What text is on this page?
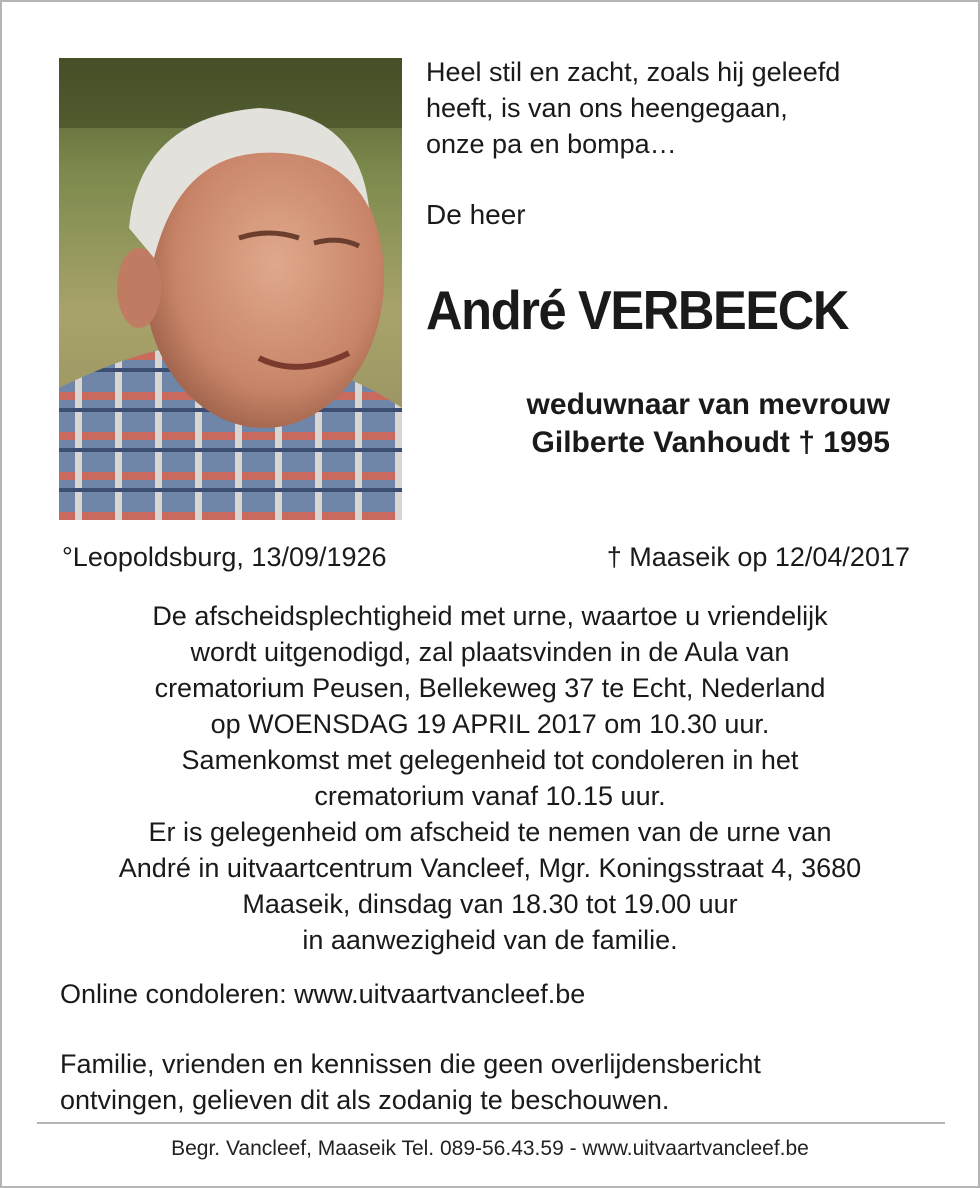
Heel stil en zacht, zoals hij geleefd

heeft, is van ons heengegaan,

onze pa en bompa…

De heer
André VERBEECK
weduwnaar van mevrouw
Gilberte Vanhoudt † 1995
°Leopoldsburg, 13/09/1926	† Maaseik op 12/04/2017
De afscheidsplechtigheid met urne, waartoe u vriendelijk
wordt uitgenodigd, zal plaatsvinden in de Aula van
crematorium Peusen, Bellekeweg 37 te Echt, Nederland
op WOENSDAG 19 APRIL 2017 om 10.30 uur.
Samenkomst met gelegenheid tot condoleren in het
crematorium vanaf 10.15 uur.
Er is gelegenheid om afscheid te nemen van de urne van
André in uitvaartcentrum Vancleef, Mgr. Koningsstraat 4, 3680
Maaseik, dinsdag van 18.30 tot 19.00 uur
in aanwezigheid van de familie.
Online condoleren: www.uitvaartvancleef.be
Familie, vrienden en kennissen die geen overlijdensbericht
ontvingen, gelieven dit als zodanig te beschouwen.
Begr. Vancleef, Maaseik Tel. 089-56.43.59 - www.uitvaartvancleef.be
